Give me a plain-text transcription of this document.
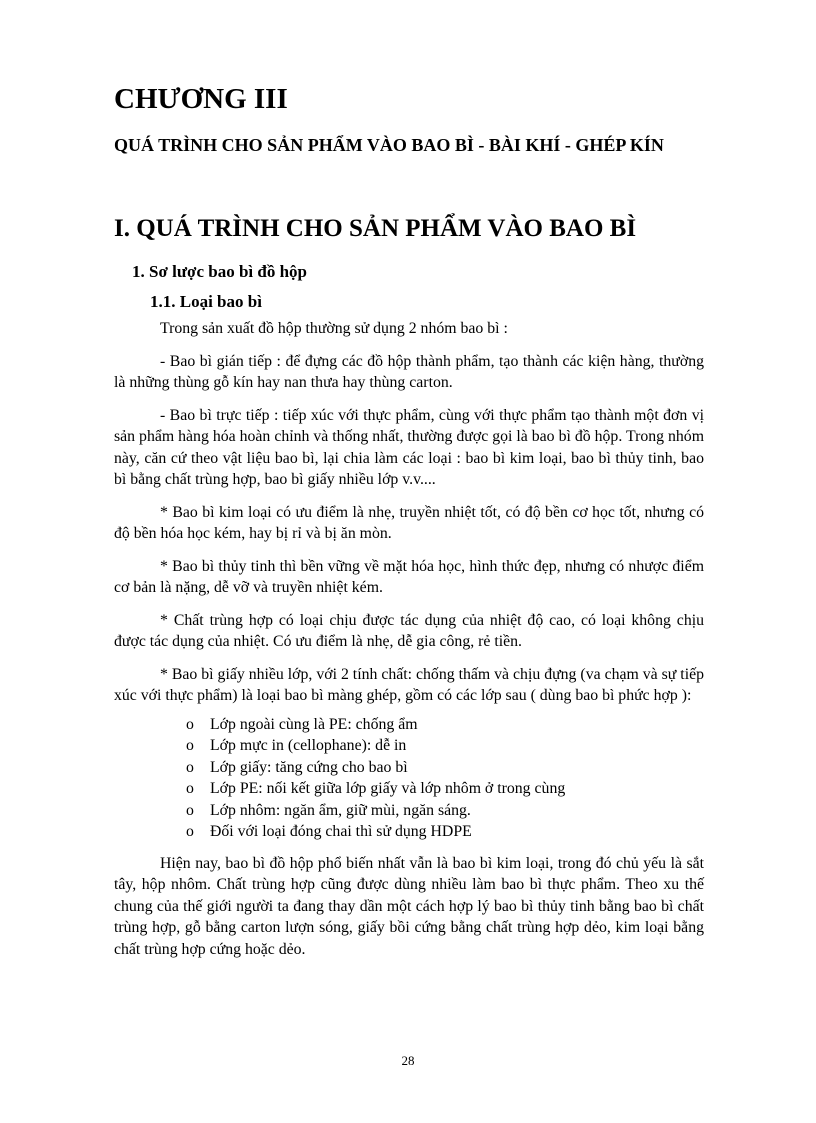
CHƯƠNG III
QUÁ TRÌNH CHO SẢN PHẨM VÀO BAO BÌ - BÀI KHÍ - GHÉP KÍN
I. QUÁ TRÌNH CHO SẢN PHẨM VÀO BAO BÌ
1. Sơ lược bao bì đồ hộp
1.1. Loại bao bì

Trong sản xuất đồ hộp thường sử dụng 2 nhóm bao bì :

- Bao bì gián tiếp : để đựng các đồ hộp thành phẩm, tạo thành các kiện hàng, thường là những thùng gỗ kín hay nan thưa hay thùng carton.

- Bao bì trực tiếp : tiếp xúc với thực phẩm, cùng với thực phẩm tạo thành một đơn vị sản phẩm hàng hóa hoàn chỉnh và thống nhất, thường được gọi là bao bì đồ hộp. Trong nhóm này, căn cứ theo vật liệu bao bì, lại chia làm các loại : bao bì kim loại, bao bì thủy tinh, bao bì bằng chất trùng hợp, bao bì giấy nhiều lớp v.v....

* Bao bì kim loại có ưu điểm là nhẹ, truyền nhiệt tốt, có độ bền cơ học tốt, nhưng có độ bền hóa học kém, hay bị rỉ và bị ăn mòn.

* Bao bì thủy tinh thì bền vững về mặt hóa học, hình thức đẹp, nhưng có nhược điểm cơ bản là nặng, dễ vỡ và truyền nhiệt kém.

* Chất trùng hợp có loại chịu được tác dụng của nhiệt độ cao, có loại không chịu được tác dụng của nhiệt. Có ưu điểm là nhẹ, dễ gia công, rẻ tiền.

* Bao bì giấy nhiều lớp, với 2 tính chất: chống thấm và chịu đựng (va chạm và sự tiếp xúc với thực phẩm) là loại bao bì màng ghép, gồm có các lớp sau ( dùng bao bì phức hợp ):

o Lớp ngoài cùng là PE: chống ẩm
o Lớp mực in (cellophane): dễ in
o Lớp giấy: tăng cứng cho bao bì
o Lớp PE: nối kết giữa lớp giấy và lớp nhôm ở trong cùng
o Lớp nhôm: ngăn ẩm, giữ mùi, ngăn sáng.
o Đối với loại đóng chai thì sử dụng HDPE

Hiện nay, bao bì đồ hộp phổ biến nhất vẫn là bao bì kim loại, trong đó chủ yếu là sắt tây, hộp nhôm. Chất trùng hợp cũng được dùng nhiều làm bao bì thực phẩm. Theo xu thế chung của thế giới người ta đang thay dần một cách hợp lý bao bì thủy tinh bằng bao bì chất trùng hợp, gỗ bằng carton lượn sóng, giấy bồi cứng bằng chất trùng hợp dẻo, kim loại bằng chất trùng hợp cứng hoặc dẻo.

28
